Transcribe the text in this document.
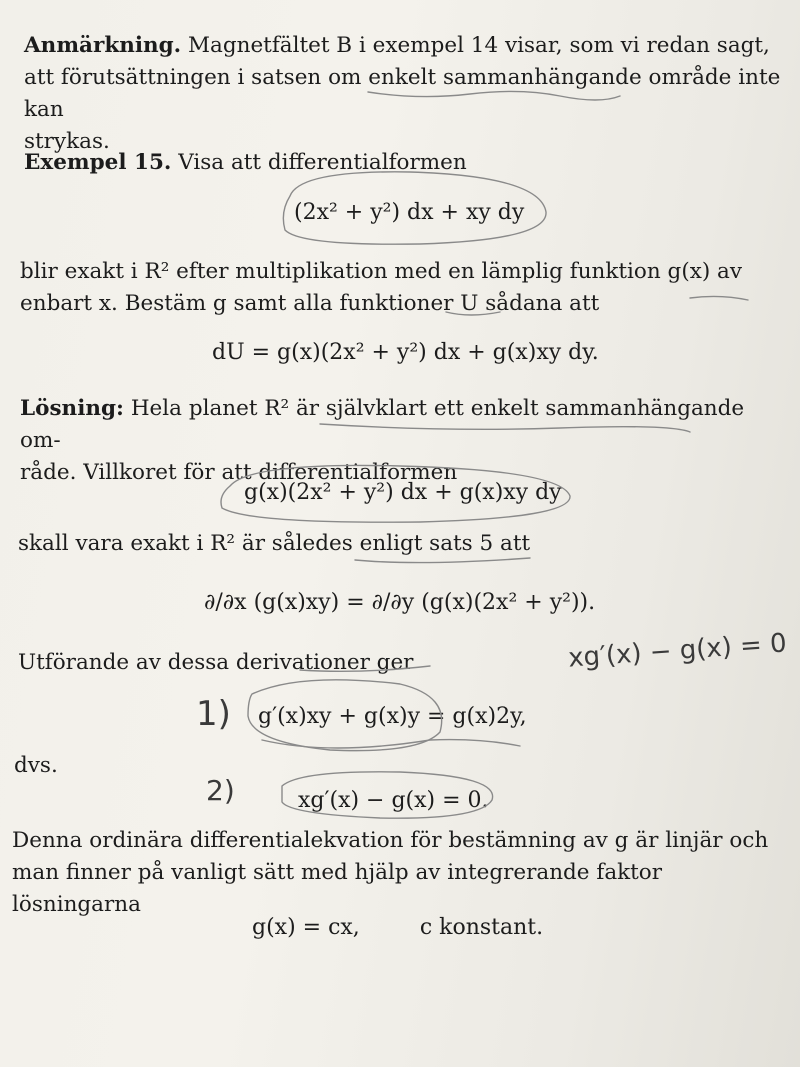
Anmärkning. Magnetfältet B i exempel 14 visar, som vi redan sagt,
att förutsättningen i satsen om enkelt sammanhängande område inte kan
strykas.
Exempel 15. Visa att differentialformen
(2x² + y²) dx + xy dy
blir exakt i R² efter multiplikation med en lämplig funktion g(x) av
enbart x. Bestäm g samt alla funktioner U sådana att
dU = g(x)(2x² + y²) dx + g(x)xy dy.
Lösning: Hela planet R² är självklart ett enkelt sammanhängande om-
råde. Villkoret för att differentialformen
g(x)(2x² + y²) dx + g(x)xy dy
skall vara exakt i R² är således enligt sats 5 att
∂/∂x (g(x)xy) = ∂/∂y (g(x)(2x² + y²)).
Utförande av dessa derivationer ger
g′(x)xy + g(x)y = g(x)2y,
dvs.
xg′(x) − g(x) = 0.
Denna ordinära differentialekvation för bestämning av g är linjär och
man finner på vanligt sätt med hjälp av integrerande faktor lösningarna
g(x) = cx,	c konstant.
xg′(x) − g(x) = 0
1)
2)
